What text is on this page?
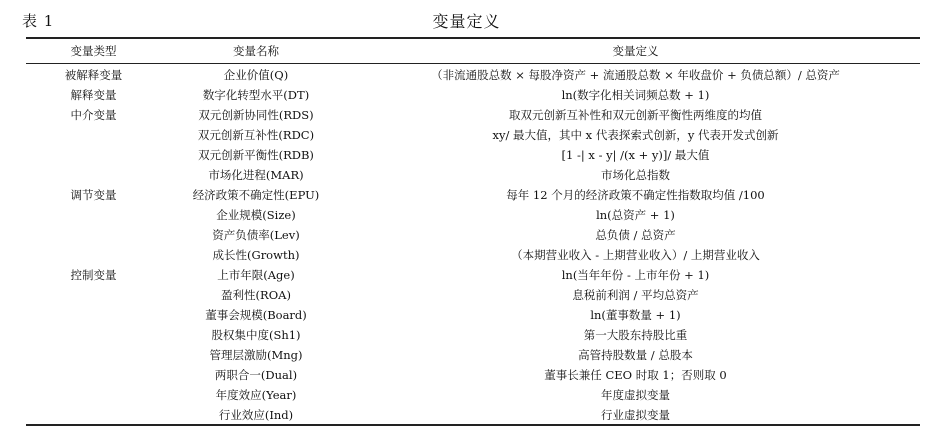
表 1	变量定义
变量类型	变量名称	变量定义
被解释变量	企业价值(Q)	（非流通股总数 × 每股净资产 + 流通股总数 × 年收盘价 + 负债总额）/ 总资产
解释变量	数字化转型水平(DT)	ln(数字化相关词频总数 + 1)
中介变量	双元创新协同性(RDS)	取双元创新互补性和双元创新平衡性两维度的均值
双元创新互补性(RDC)	xy/ 最大值，其中 x 代表探索式创新，y 代表开发式创新
双元创新平衡性(RDB)	[1 -| x - y| /(x + y)]/ 最大值
市场化进程(MAR)	市场化总指数
调节变量	经济政策不确定性(EPU)	每年 12 个月的经济政策不确定性指数取均值 /100
企业规模(Size)	ln(总资产 + 1)
资产负债率(Lev)	总负债 / 总资产
成长性(Growth)	（本期营业收入 - 上期营业收入）/ 上期营业收入
控制变量	上市年限(Age)	ln(当年年份 - 上市年份 + 1)
盈利性(ROA)	息税前利润 / 平均总资产
董事会规模(Board)	ln(董事数量 + 1)
股权集中度(Sh1)	第一大股东持股比重
管理层激励(Mng)	高管持股数量 / 总股本
两职合一(Dual)	董事长兼任 CEO 时取 1；否则取 0
年度效应(Year)	年度虚拟变量
行业效应(Ind)	行业虚拟变量
